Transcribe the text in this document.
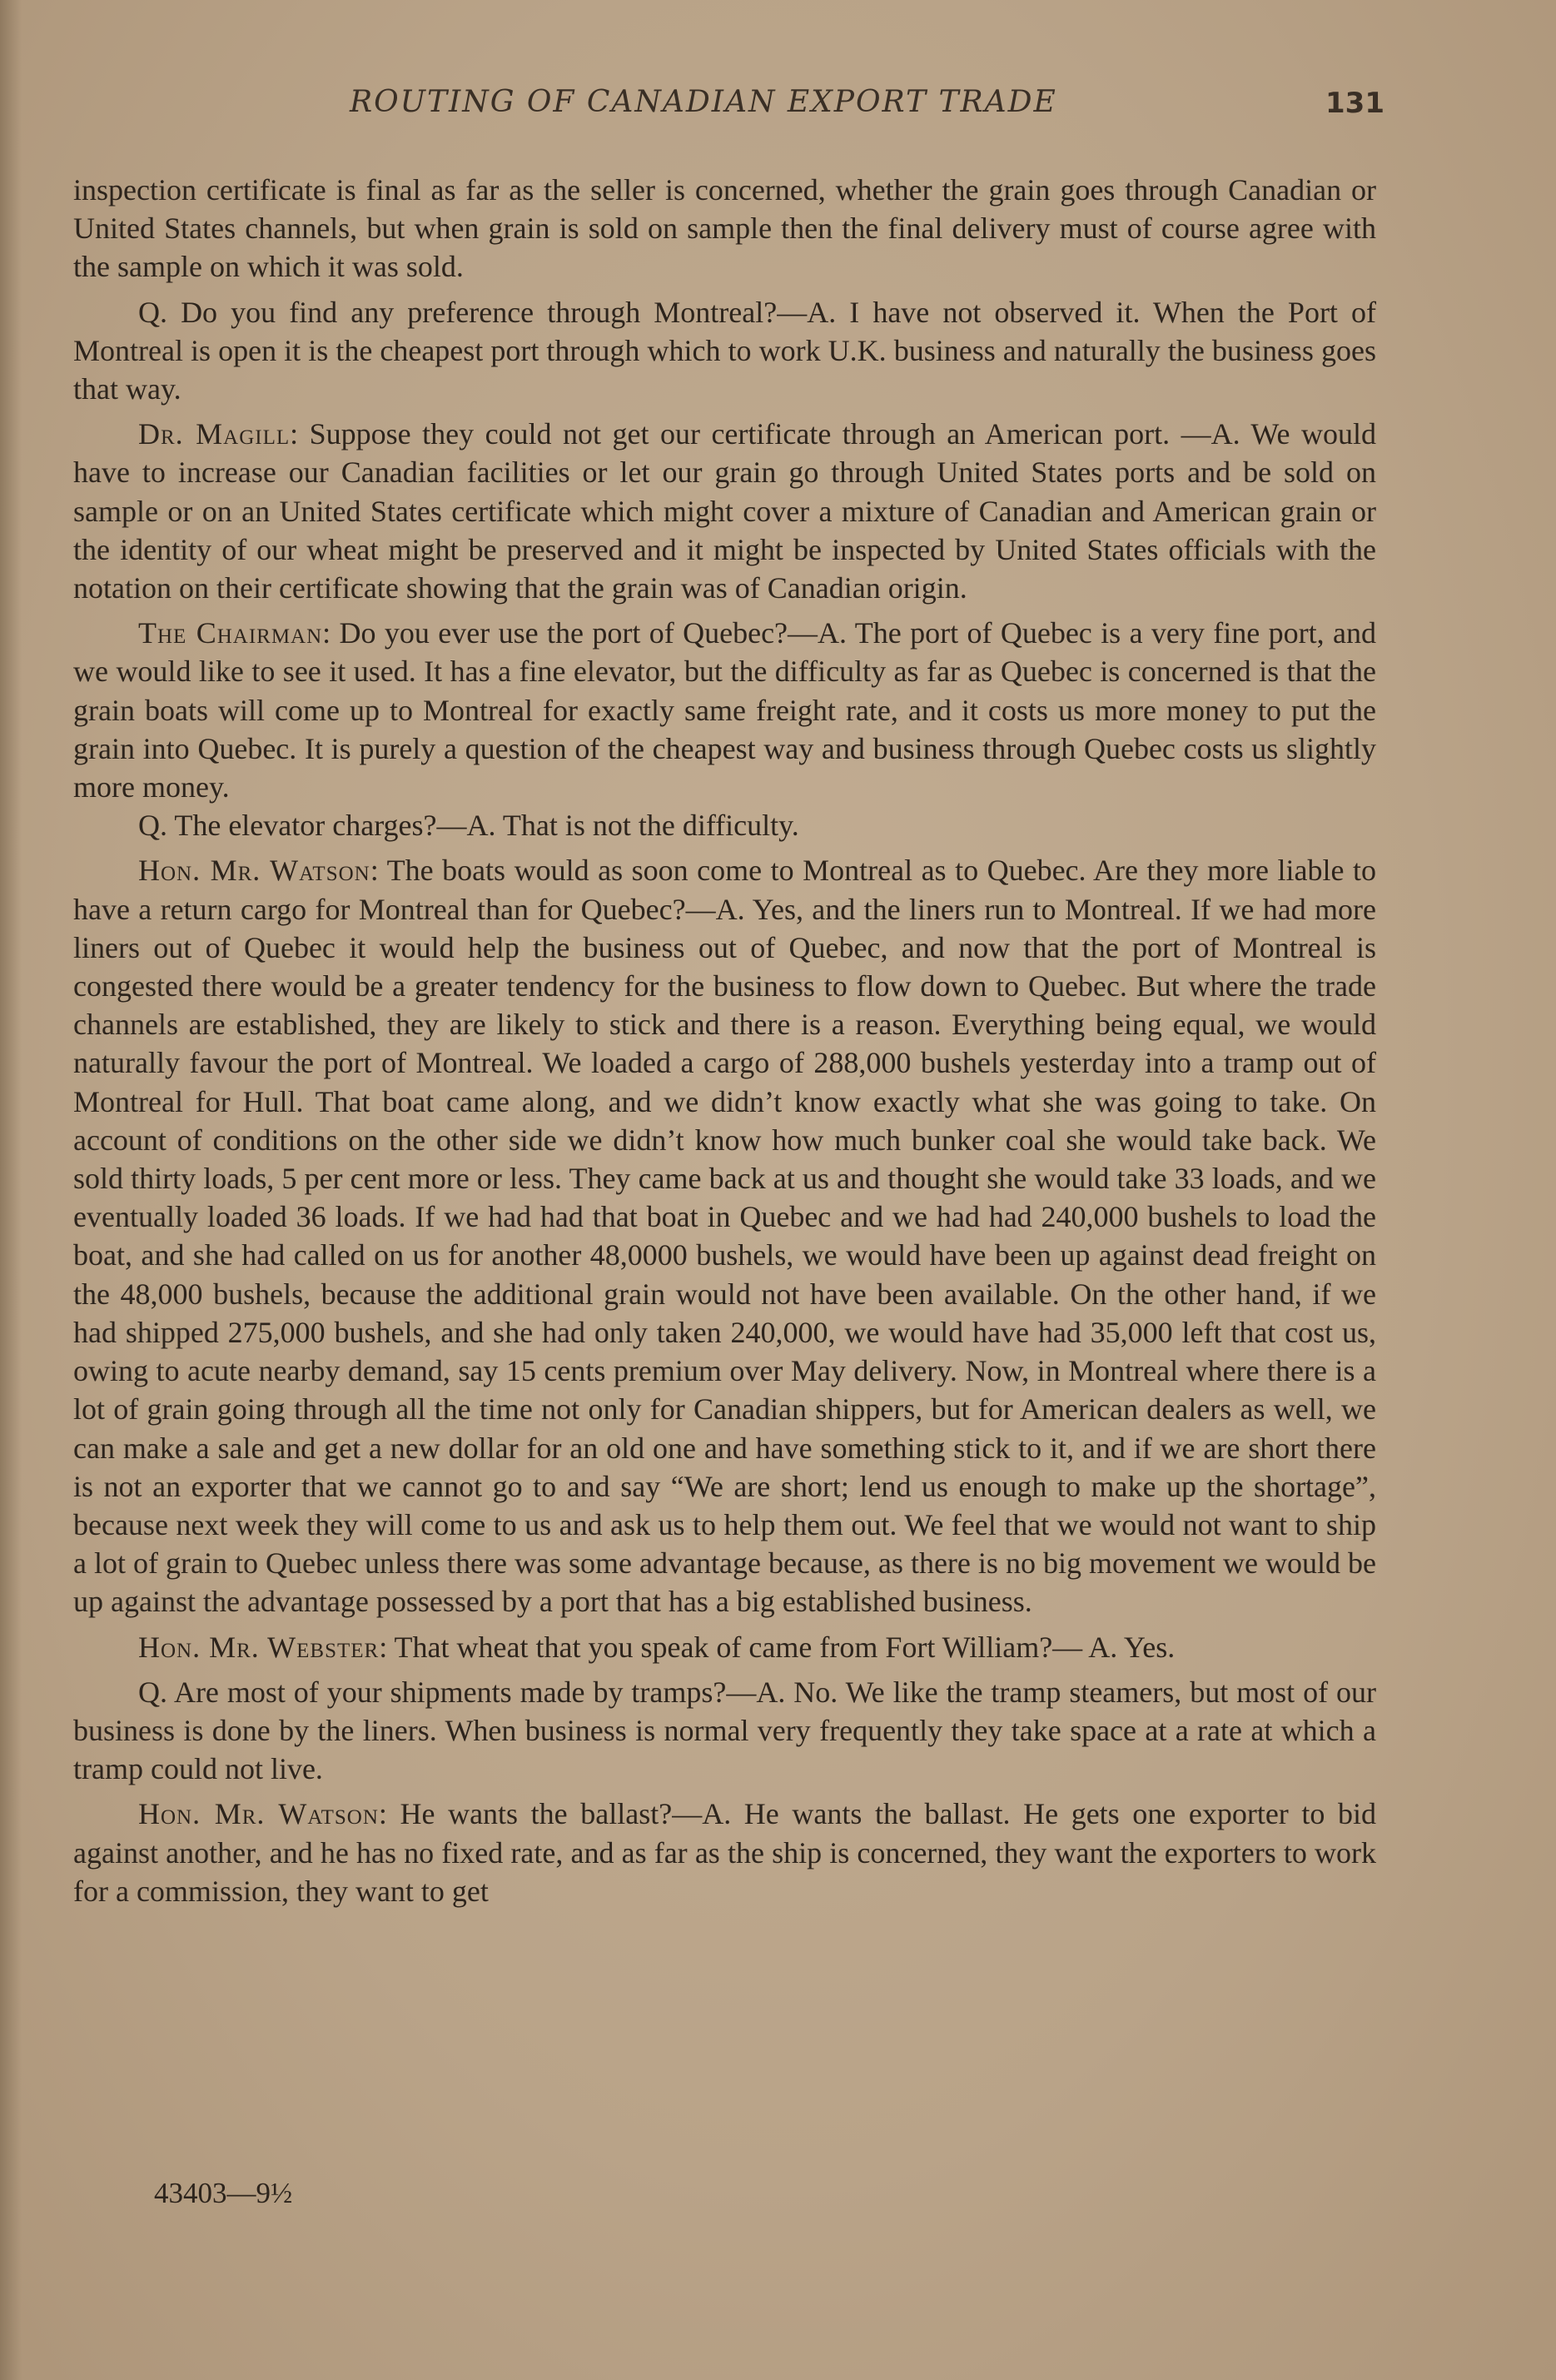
ROUTING OF CANADIAN EXPORT TRADE	131

inspection certificate is final as far as the seller is concerned, whether the grain goes through Canadian or United States channels, but when grain is sold on sample then the final delivery must of course agree with the sample on which it was sold.

Q. Do you find any preference through Montreal?—A. I have not observed it. When the Port of Montreal is open it is the cheapest port through which to work U.K. business and naturally the business goes that way.

Dr. Magill: Suppose they could not get our certificate through an American port. —A. We would have to increase our Canadian facilities or let our grain go through United States ports and be sold on sample or on an United States certificate which might cover a mixture of Canadian and American grain or the identity of our wheat might be preserved and it might be inspected by United States officials with the notation on their certificate showing that the grain was of Canadian origin.

The Chairman: Do you ever use the port of Quebec?—A. The port of Quebec is a very fine port, and we would like to see it used. It has a fine elevator, but the difficulty as far as Quebec is concerned is that the grain boats will come up to Montreal for exactly same freight rate, and it costs us more money to put the grain into Quebec. It is purely a question of the cheapest way and business through Quebec costs us slightly more money.

Q. The elevator charges?—A. That is not the difficulty.

Hon. Mr. Watson: The boats would as soon come to Montreal as to Quebec. Are they more liable to have a return cargo for Montreal than for Quebec?—A. Yes, and the liners run to Montreal. If we had more liners out of Quebec it would help the business out of Quebec, and now that the port of Montreal is congested there would be a greater tendency for the business to flow down to Quebec. But where the trade channels are established, they are likely to stick and there is a reason. Everything being equal, we would naturally favour the port of Montreal. We loaded a cargo of 288,000 bushels yesterday into a tramp out of Montreal for Hull. That boat came along, and we didn’t know exactly what she was going to take. On account of conditions on the other side we didn’t know how much bunker coal she would take back. We sold thirty loads, 5 per cent more or less. They came back at us and thought she would take 33 loads, and we eventually loaded 36 loads. If we had had that boat in Quebec and we had had 240,000 bushels to load the boat, and she had called on us for another 48,0000 bushels, we would have been up against dead freight on the 48,000 bushels, because the additional grain would not have been available. On the other hand, if we had shipped 275,000 bushels, and she had only taken 240,000, we would have had 35,000 left that cost us, owing to acute nearby demand, say 15 cents premium over May delivery. Now, in Montreal where there is a lot of grain going through all the time not only for Canadian shippers, but for American dealers as well, we can make a sale and get a new dollar for an old one and have something stick to it, and if we are short there is not an exporter that we cannot go to and say “We are short; lend us enough to make up the shortage”, because next week they will come to us and ask us to help them out. We feel that we would not want to ship a lot of grain to Quebec unless there was some advantage because, as there is no big movement we would be up against the advantage possessed by a port that has a big established business.

Hon. Mr. Webster: That wheat that you speak of came from Fort William?— A. Yes.

Q. Are most of your shipments made by tramps?—A. No. We like the tramp steamers, but most of our business is done by the liners. When business is normal very frequently they take space at a rate at which a tramp could not live.

Hon. Mr. Watson: He wants the ballast?—A. He wants the ballast. He gets one exporter to bid against another, and he has no fixed rate, and as far as the ship is concerned, they want the exporters to work for a commission, they want to get

43403—9½
